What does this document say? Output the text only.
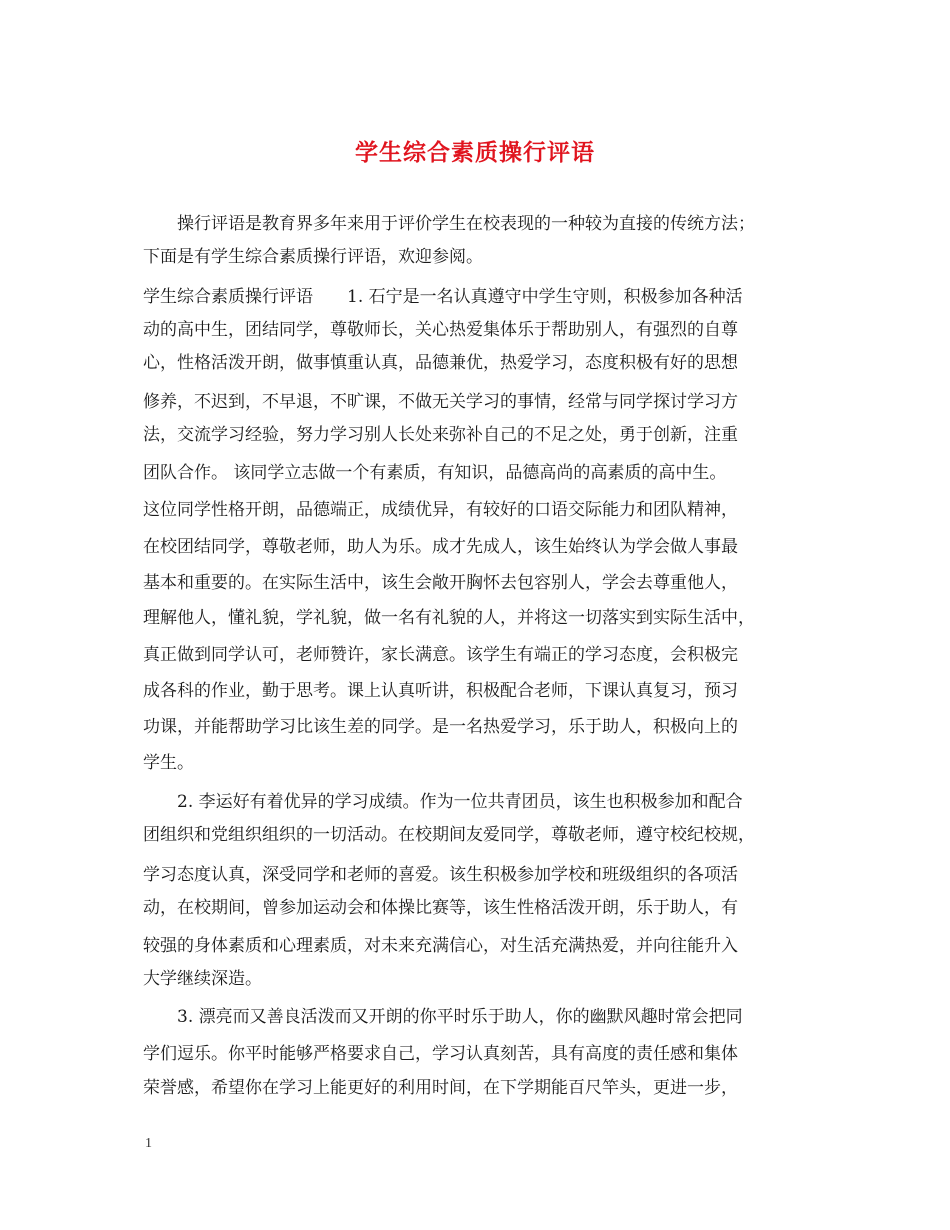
学生综合素质操行评语

　　操行评语是教育界多年来用于评价学生在校表现的一种较为直接的传统方法；

下面是有学生综合素质操行评语，欢迎参阅。

学生综合素质操行评语　　1. 石宁是一名认真遵守中学生守则，积极参加各种活

动的高中生，团结同学，尊敬师长，关心热爱集体乐于帮助别人，有强烈的自尊

心，性格活泼开朗，做事慎重认真，品德兼优，热爱学习，态度积极有好的思想

修养，不迟到，不早退，不旷课，不做无关学习的事情，经常与同学探讨学习方

法，交流学习经验，努力学习别人长处来弥补自己的不足之处，勇于创新，注重

团队合作。 该同学立志做一个有素质，有知识，品德高尚的高素质的高中生。

这位同学性格开朗，品德端正，成绩优异，有较好的口语交际能力和团队精神，

在校团结同学，尊敬老师，助人为乐。成才先成人，该生始终认为学会做人事最

基本和重要的。在实际生活中，该生会敞开胸怀去包容别人，学会去尊重他人，

理解他人，懂礼貌，学礼貌，做一名有礼貌的人，并将这一切落实到实际生活中，

真正做到同学认可，老师赞许，家长满意。该学生有端正的学习态度，会积极完

成各科的作业，勤于思考。课上认真听讲，积极配合老师，下课认真复习，预习

功课，并能帮助学习比该生差的同学。是一名热爱学习，乐于助人，积极向上的

学生。

　　2. 李运好有着优异的学习成绩。作为一位共青团员，该生也积极参加和配合

团组织和党组织组织的一切活动。在校期间友爱同学，尊敬老师，遵守校纪校规，

学习态度认真，深受同学和老师的喜爱。该生积极参加学校和班级组织的各项活

动，在校期间，曾参加运动会和体操比赛等，该生性格活泼开朗，乐于助人，有

较强的身体素质和心理素质，对未来充满信心，对生活充满热爱，并向往能升入

大学继续深造。

　　3. 漂亮而又善良活泼而又开朗的你平时乐于助人，你的幽默风趣时常会把同

学们逗乐。你平时能够严格要求自己，学习认真刻苦，具有高度的责任感和集体

荣誉感，希望你在学习上能更好的利用时间，在下学期能百尺竿头，更进一步，

1
